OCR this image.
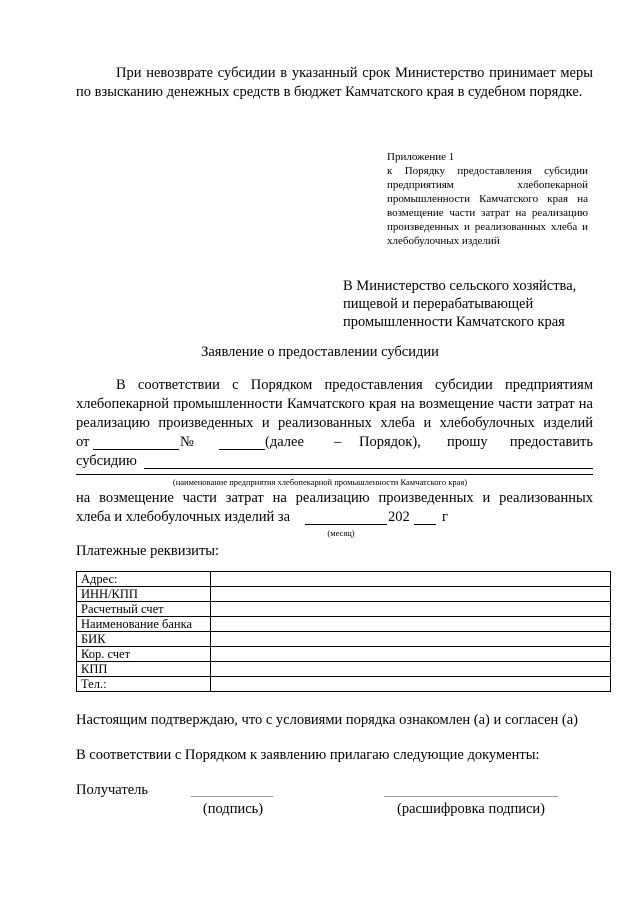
При невозврате субсидии в указанный срок Министерство принимает меры по взысканию денежных средств в бюджет Камчатского края в судебном порядке.
Приложение 1
к Порядку предоставления субсидии предприятиям хлебопекарной промышленности Камчатского края на возмещение части затрат на реализацию произведенных и реализованных хлеба и хлебобулочных изделий
В Министерство сельского хозяйства,
пищевой и перерабатывающей
промышленности Камчатского края
Заявление о предоставлении субсидии
В соответствии с Порядком предоставления субсидии предприятиям хлебопекарной промышленности Камчатского края на возмещение части затрат на реализацию произведенных и реализованных хлеба и хлебобулочных изделий
от	№	(далее – Порядок), прошу предоставить
субсидию
(наименование предприятия хлебопекарной промышленности Камчатского края)
на возмещение части затрат на реализацию произведенных и реализованных
хлеба и хлебобулочных изделий за	202 г
(месяц)
Платежные реквизиты:
Адрес:	
ИНН/КПП	
Расчетный счет	
Наименование банка	
БИК	
Кор. счет	
КПП	
Тел.:	
Настоящим подтверждаю, что с условиями порядка ознакомлен (а) и согласен (а)
В соответствии с Порядком к заявлению прилагаю следующие документы:
Получатель
(подпись)	(расшифровка подписи)
